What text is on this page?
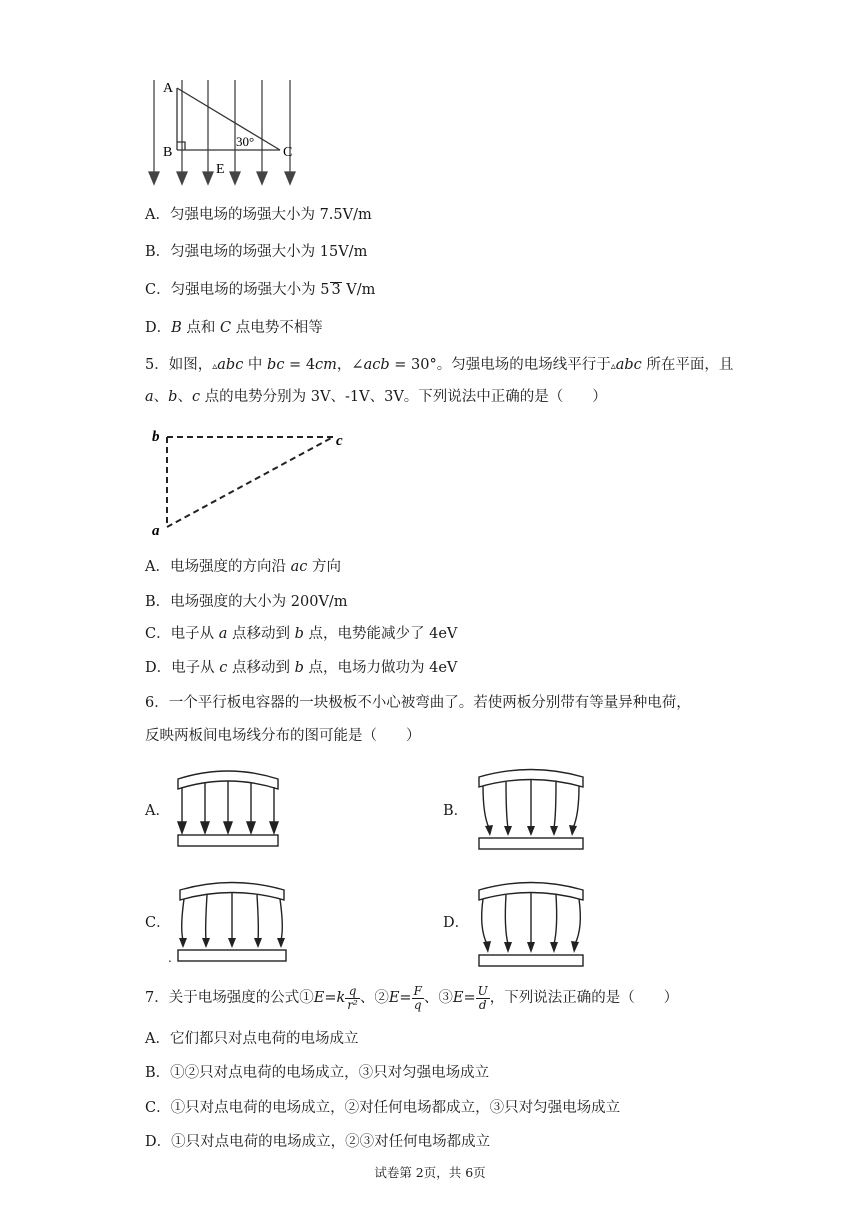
A
B	C
E
30°
A．匀强电场的场强大小为 7.5V/m
B．匀强电场的场强大小为 15V/m
C．匀强电场的场强大小为 5 3 V/m
D．B 点和 C 点电势不相等
5．如图，▵abc 中 bc = 4cm，∠acb = 30°。匀强电场的电场线平行于▵abc 所在平面，且
a、b、c 点的电势分别为 3V、-1V、3V。下列说法中正确的是（　　）
b	c
a
A．电场强度的方向沿 ac 方向
B．电场强度的大小为 200V/m
C．电子从 a 点移动到 b 点，电势能减少了 4eV
D．电子从 c 点移动到 b 点，电场力做功为 4eV
6．一个平行板电容器的一块极板不小心被弯曲了。若使两板分别带有等量异种电荷，
反映两板间电场线分布的图可能是（　　）
A．	B．
C．	D．
.
7．关于电场强度的公式①E=k $\frac{q}{\text{r²}}$ 、②E= $\frac{F}{q}$ 、③E= $\frac{U}{d}$ ，下列说法正确的是（　　）
A．它们都只对点电荷的电场成立
B．①②只对点电荷的电场成立，③只对匀强电场成立
C．①只对点电荷的电场成立，②对任何电场都成立，③只对匀强电场成立
D．①只对点电荷的电场成立，②③对任何电场都成立
试卷第 2页，共 6页
